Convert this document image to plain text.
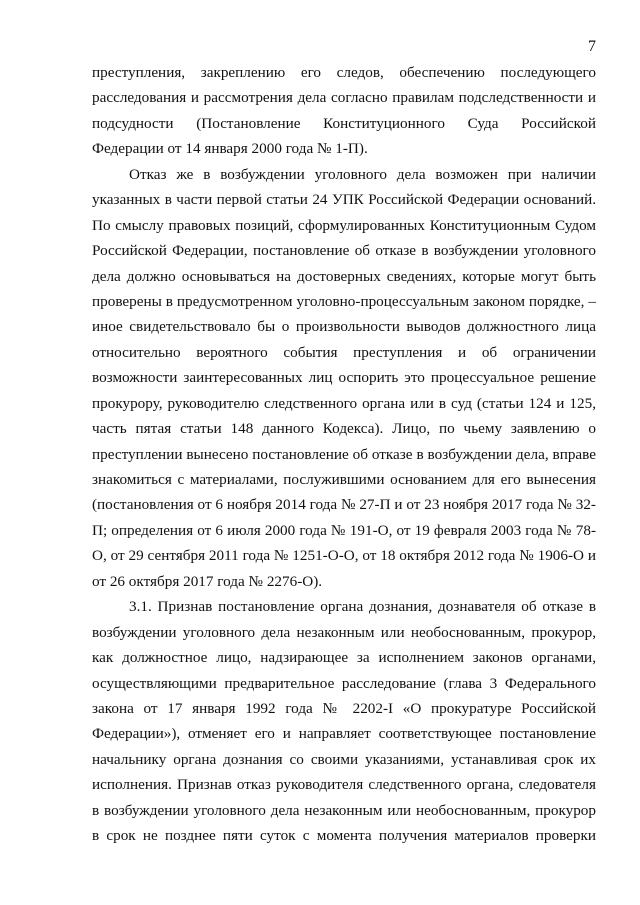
7
преступления, закреплению его следов, обеспечению последующего
расследования и рассмотрения дела согласно правилам подследственности и
подсудности (Постановление Конституционного Суда Российской
Федерации от 14 января 2000 года № 1-П).
Отказ же в возбуждении уголовного дела возможен при наличии
указанных в части первой статьи 24 УПК Российской Федерации оснований.
По смыслу правовых позиций, сформулированных Конституционным Судом
Российской Федерации, постановление об отказе в возбуждении уголовного
дела должно основываться на достоверных сведениях, которые могут быть
проверены в предусмотренном уголовно-процессуальным законом порядке, –
иное свидетельствовало бы о произвольности выводов должностного лица
относительно вероятного события преступления и об ограничении
возможности заинтересованных лиц оспорить это процессуальное решение
прокурору, руководителю следственного органа или в суд (статьи 124 и 125,
часть пятая статьи 148 данного Кодекса). Лицо, по чьему заявлению о
преступлении вынесено постановление об отказе в возбуждении дела, вправе
знакомиться с материалами, послужившими основанием для его вынесения
(постановления от 6 ноября 2014 года № 27-П и от 23 ноября 2017 года № 32-
П; определения от 6 июля 2000 года № 191-О, от 19 февраля 2003 года № 78-
О, от 29 сентября 2011 года № 1251-О-О, от 18 октября 2012 года № 1906-О и
от 26 октября 2017 года № 2276-О).
3.1. Признав постановление органа дознания, дознавателя об отказе в
возбуждении уголовного дела незаконным или необоснованным, прокурор,
как должностное лицо, надзирающее за исполнением законов органами,
осуществляющими предварительное расследование (глава 3 Федерального
закона от 17 января 1992 года № 2202-I «О прокуратуре Российской
Федерации»), отменяет его и направляет соответствующее постановление
начальнику органа дознания со своими указаниями, устанавливая срок их
исполнения. Признав отказ руководителя следственного органа, следователя
в возбуждении уголовного дела незаконным или необоснованным, прокурор
в срок не позднее пяти суток с момента получения материалов проверки
